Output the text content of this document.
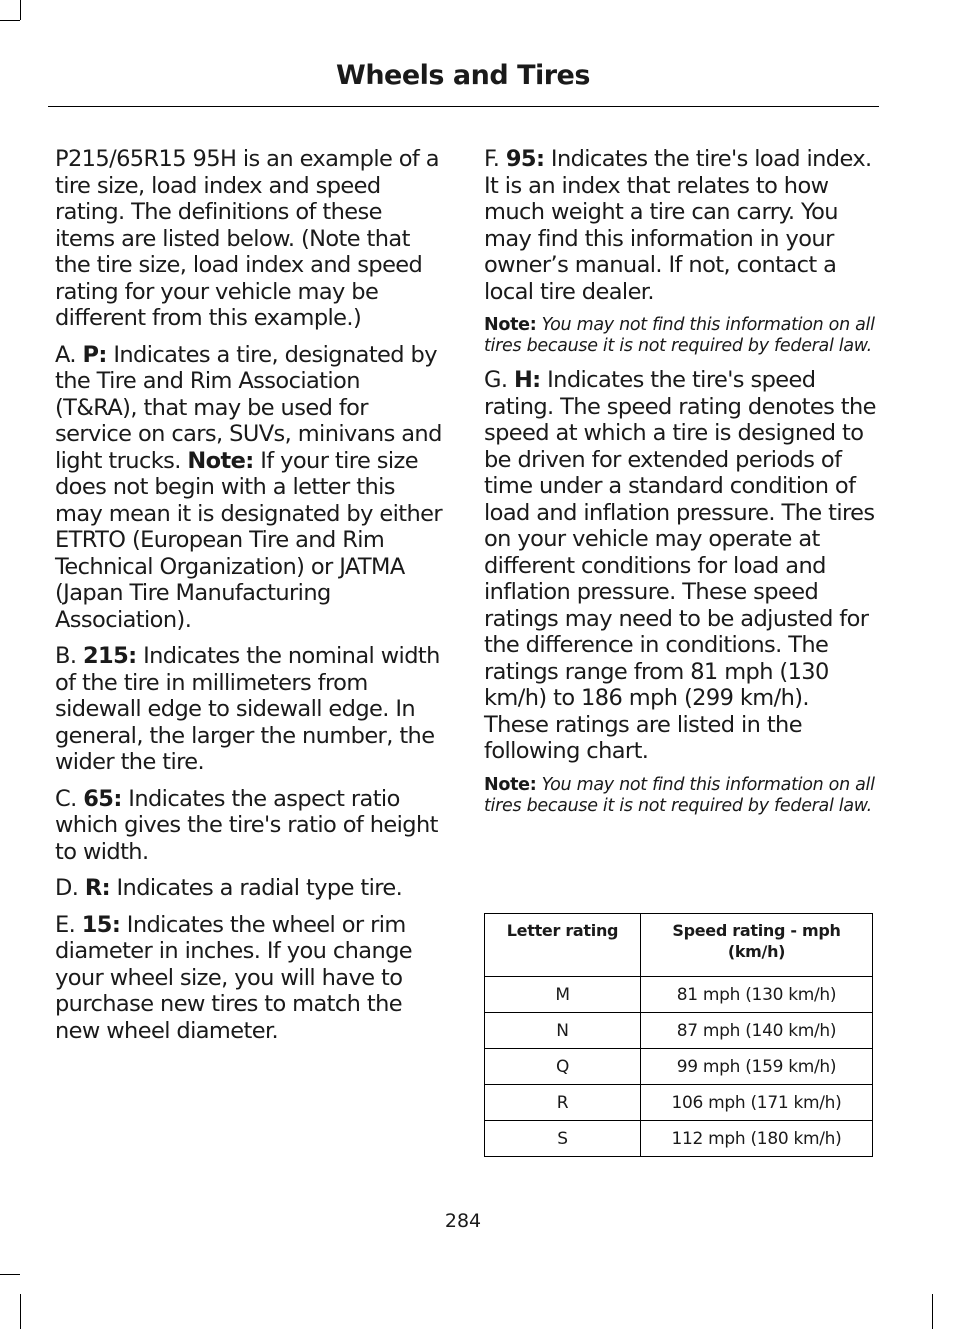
Wheels and Tires

P215/65R15 95H is an example of a tire size, load index and speed rating. The definitions of these items are listed below. (Note that the tire size, load index and speed rating for your vehicle may be different from this example.)

A. P: Indicates a tire, designated by the Tire and Rim Association (T&RA), that may be used for service on cars, SUVs, minivans and light trucks. Note: If your tire size does not begin with a letter this may mean it is designated by either ETRTO (European Tire and Rim Technical Organization) or JATMA (Japan Tire Manufacturing Association).

B. 215: Indicates the nominal width of the tire in millimeters from sidewall edge to sidewall edge. In general, the larger the number, the wider the tire.

C. 65: Indicates the aspect ratio which gives the tire's ratio of height to width.

D. R: Indicates a radial type tire.

E. 15: Indicates the wheel or rim diameter in inches. If you change your wheel size, you will have to purchase new tires to match the new wheel diameter.

F. 95: Indicates the tire's load index. It is an index that relates to how much weight a tire can carry. You may find this information in your owner’s manual. If not, contact a local tire dealer.

Note: You may not find this information on all tires because it is not required by federal law.

G. H: Indicates the tire's speed rating. The speed rating denotes the speed at which a tire is designed to be driven for extended periods of time under a standard condition of load and inflation pressure. The tires on your vehicle may operate at different conditions for load and inflation pressure. These speed ratings may need to be adjusted for the difference in conditions. The ratings range from 81 mph (130 km/h) to 186 mph (299 km/h). These ratings are listed in the following chart.

Note: You may not find this information on all tires because it is not required by federal law.

Letter rating	Speed rating - mph (km/h)
M	81 mph (130 km/h)
N	87 mph (140 km/h)
Q	99 mph (159 km/h)
R	106 mph (171 km/h)
S	112 mph (180 km/h)
284
